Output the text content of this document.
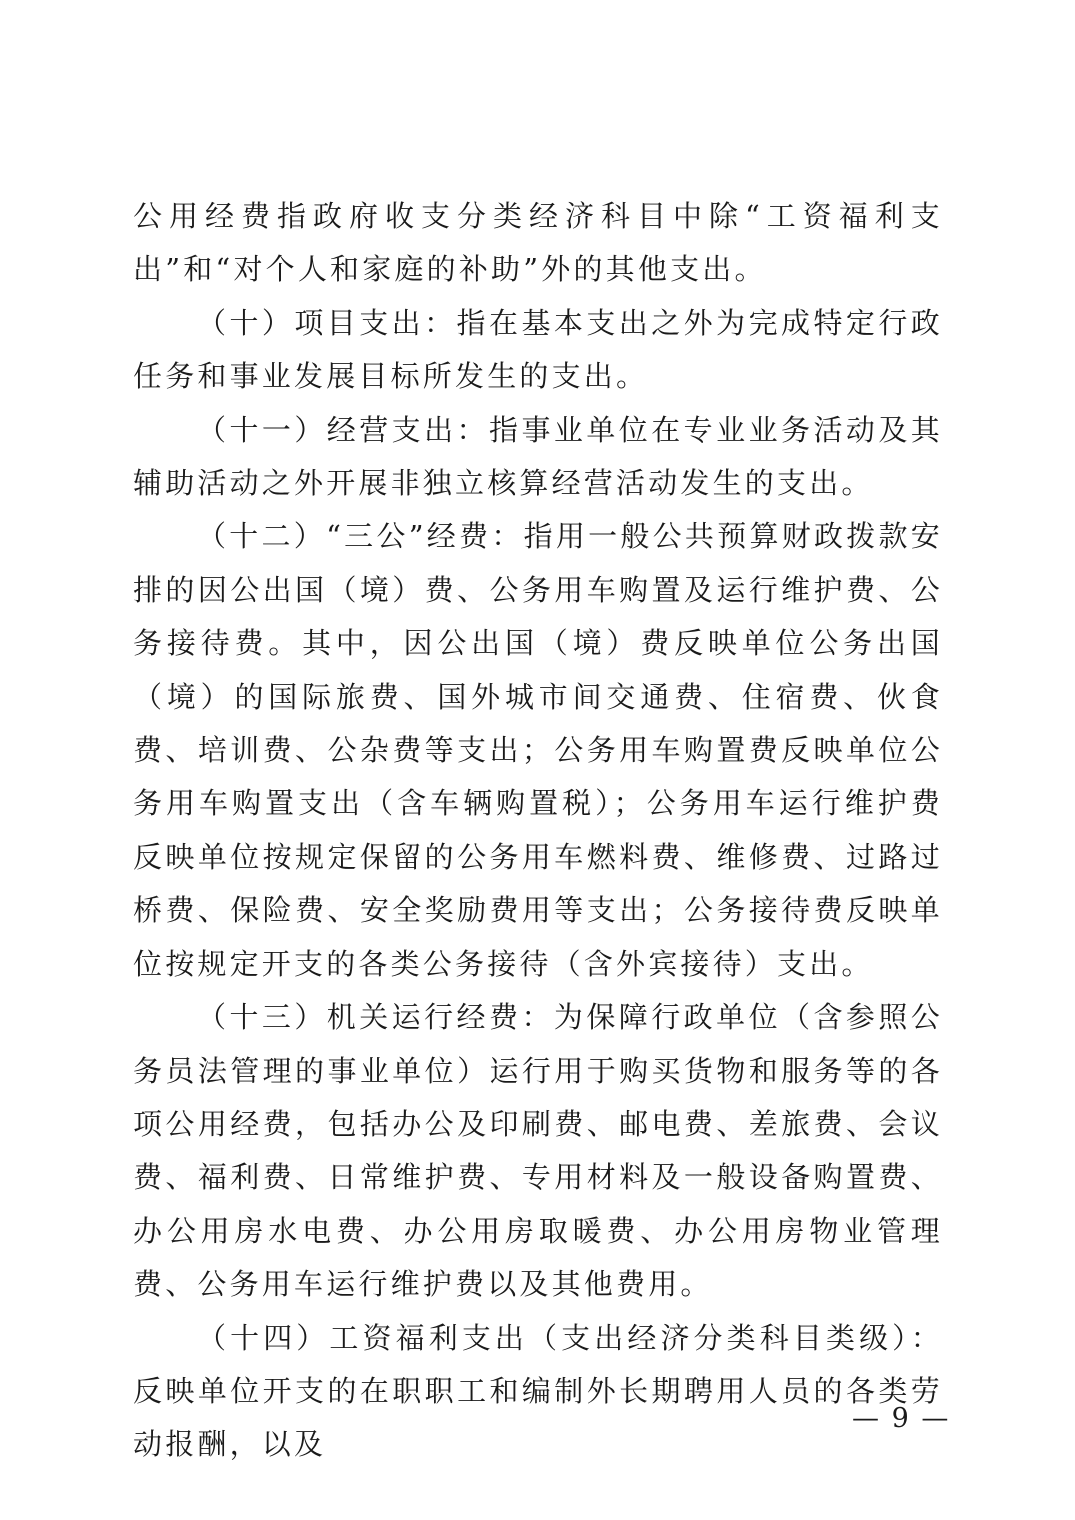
公用经费指政府收支分类经济科目中除“工资福利支出”和“对个人和家庭的补助”外的其他支出。

（十）项目支出：指在基本支出之外为完成特定行政任务和事业发展目标所发生的支出。

（十一）经营支出：指事业单位在专业业务活动及其辅助活动之外开展非独立核算经营活动发生的支出。

（十二）“三公”经费：指用一般公共预算财政拨款安排的因公出国（境）费、公务用车购置及运行维护费、公务接待费。其中，因公出国（境）费反映单位公务出国（境）的国际旅费、国外城市间交通费、住宿费、伙食费、培训费、公杂费等支出；公务用车购置费反映单位公务用车购置支出（含车辆购置税）；公务用车运行维护费反映单位按规定保留的公务用车燃料费、维修费、过路过桥费、保险费、安全奖励费用等支出；公务接待费反映单位按规定开支的各类公务接待（含外宾接待）支出。

（十三）机关运行经费：为保障行政单位（含参照公务员法管理的事业单位）运行用于购买货物和服务等的各项公用经费，包括办公及印刷费、邮电费、差旅费、会议费、福利费、日常维护费、专用材料及一般设备购置费、办公用房水电费、办公用房取暖费、办公用房物业管理费、公务用车运行维护费以及其他费用。

（十四）工资福利支出（支出经济分类科目类级）：反映单位开支的在职职工和编制外长期聘用人员的各类劳动报酬，以及

— 9 —
